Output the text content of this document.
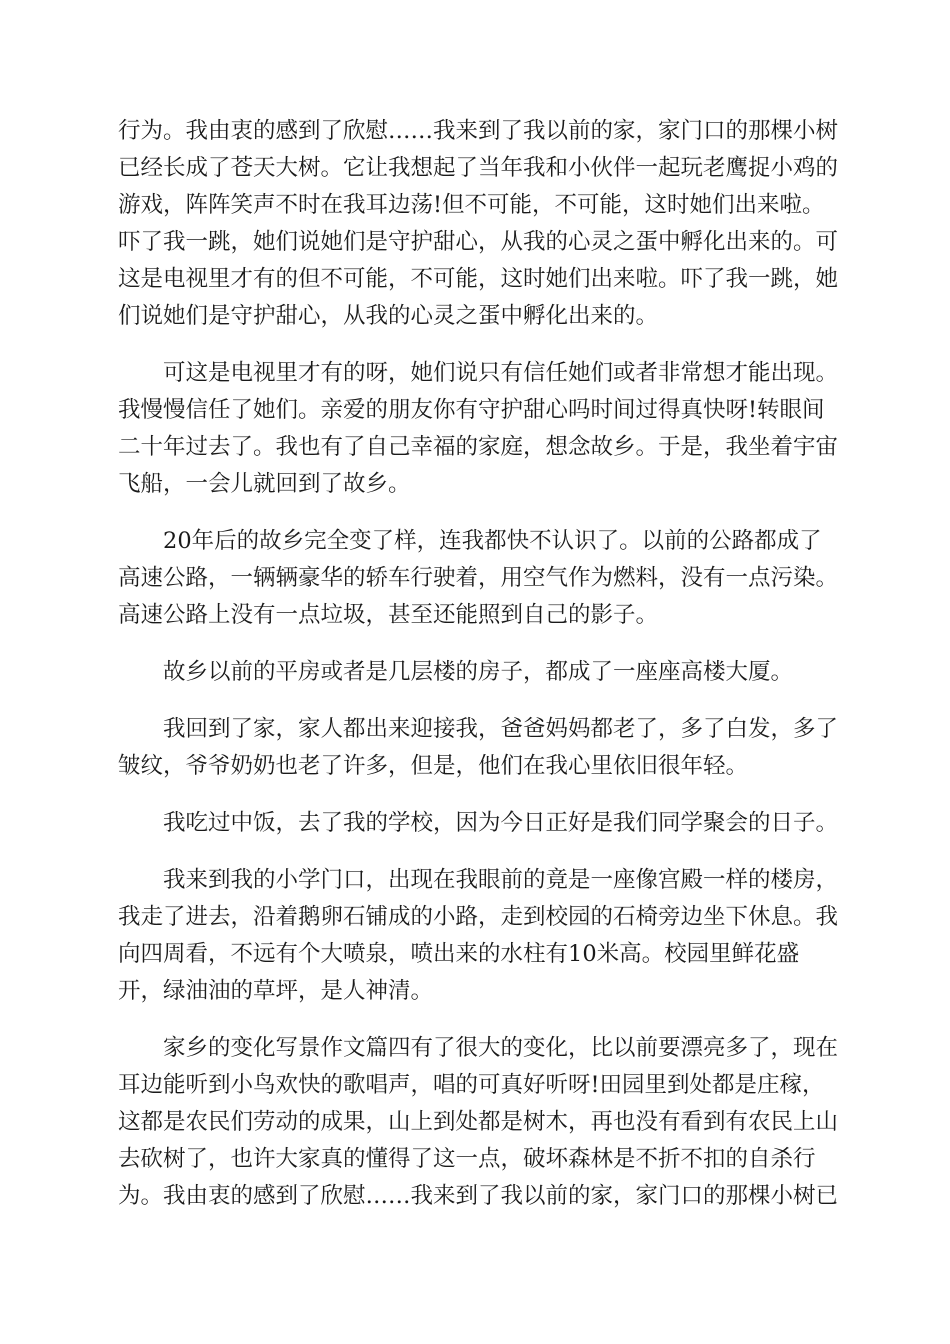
行为。我由衷的感到了欣慰……我来到了我以前的家，家门口的那棵小树
已经长成了苍天大树。它让我想起了当年我和小伙伴一起玩老鹰捉小鸡的
游戏，阵阵笑声不时在我耳边荡!但不可能，不可能，这时她们出来啦。
吓了我一跳，她们说她们是守护甜心，从我的心灵之蛋中孵化出来的。可
这是电视里才有的但不可能，不可能，这时她们出来啦。吓了我一跳，她
们说她们是守护甜心，从我的心灵之蛋中孵化出来的。
可这是电视里才有的呀，她们说只有信任她们或者非常想才能出现。
我慢慢信任了她们。亲爱的朋友你有守护甜心吗时间过得真快呀!转眼间
二十年过去了。我也有了自己幸福的家庭，想念故乡。于是，我坐着宇宙
飞船，一会儿就回到了故乡。
20年后的故乡完全变了样，连我都快不认识了。以前的公路都成了
高速公路，一辆辆豪华的轿车行驶着，用空气作为燃料，没有一点污染。
高速公路上没有一点垃圾，甚至还能照到自己的影子。
故乡以前的平房或者是几层楼的房子，都成了一座座高楼大厦。
我回到了家，家人都出来迎接我，爸爸妈妈都老了，多了白发，多了
皱纹，爷爷奶奶也老了许多，但是，他们在我心里依旧很年轻。
我吃过中饭，去了我的学校，因为今日正好是我们同学聚会的日子。
我来到我的小学门口，出现在我眼前的竟是一座像宫殿一样的楼房，
我走了进去，沿着鹅卵石铺成的小路，走到校园的石椅旁边坐下休息。我
向四周看，不远有个大喷泉，喷出来的水柱有10米高。校园里鲜花盛
开，绿油油的草坪，是人神清。
家乡的变化写景作文篇四有了很大的变化，比以前要漂亮多了，现在
耳边能听到小鸟欢快的歌唱声，唱的可真好听呀!田园里到处都是庄稼，
这都是农民们劳动的成果，山上到处都是树木，再也没有看到有农民上山
去砍树了，也许大家真的懂得了这一点，破坏森林是不折不扣的自杀行
为。我由衷的感到了欣慰……我来到了我以前的家，家门口的那棵小树已
